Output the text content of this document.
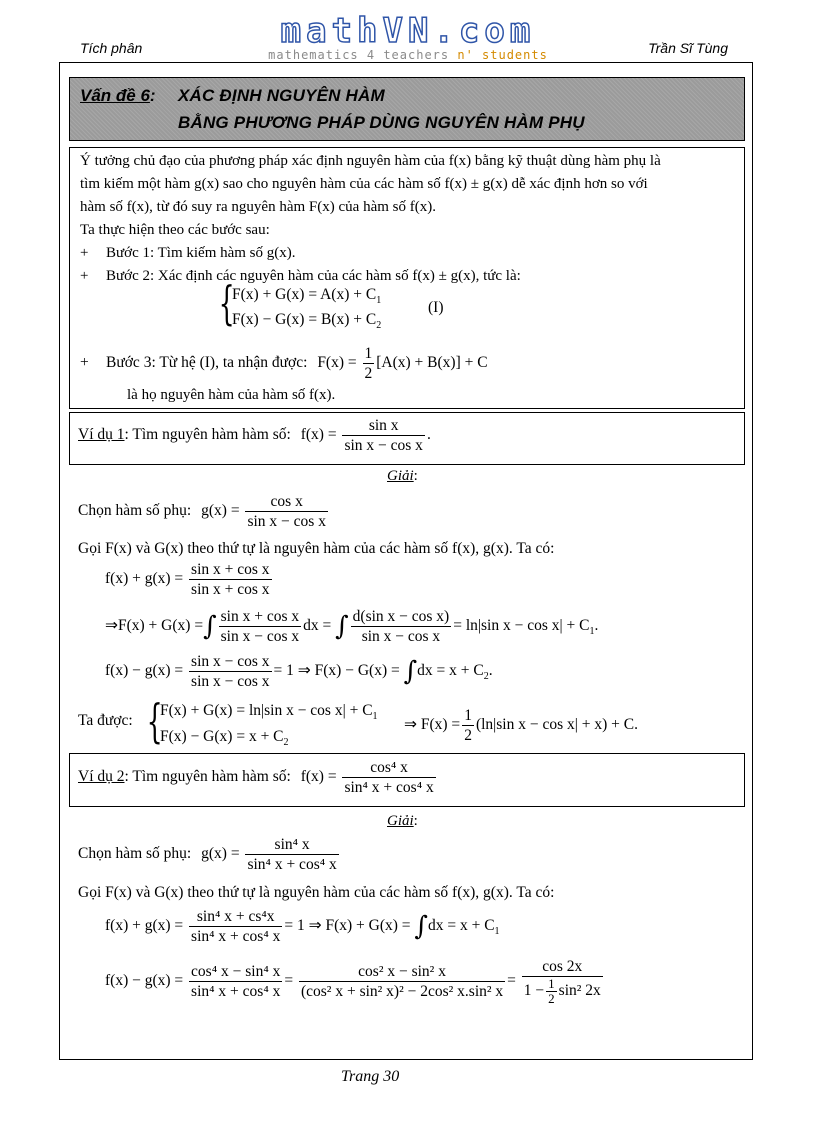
Tích phân	mathVN.com
mathematics 4 teachers n' students	Trần Sĩ Tùng
Vấn đề 6: XÁC ĐỊNH NGUYÊN HÀM
BẰNG PHƯƠNG PHÁP DÙNG NGUYÊN HÀM PHỤ
Ý tưởng chủ đạo của phương pháp xác định nguyên hàm của f(x) bằng kỹ thuật dùng hàm phụ là
tìm kiếm một hàm g(x) sao cho nguyên hàm của các hàm số f(x) ± g(x) dễ xác định hơn so với
hàm số f(x), từ đó suy ra nguyên hàm F(x) của hàm số f(x).
Ta thực hiện theo các bước sau:
+ Bước 1: Tìm kiếm hàm số g(x).
+ Bước 2: Xác định các nguyên hàm của các hàm số f(x) ± g(x), tức là:
{
$F(x) + G(x) = A(x) + C_1$
$F(x) - G(x) = B(x) + C_2$
(I)
+ Bước 3: Từ hệ (I), ta nhận được: $F(x) = \frac{1}{2} [A(x) + B(x)] + C$
là họ nguyên hàm của hàm số f(x).
Ví dụ 1: Tìm nguyên hàm hàm số: $f(x) = \frac{\text{sin x}}{\text{sin x − cos x}}$ .
Giải:
Chọn hàm số phụ: $g(x) = \frac{\text{cos x}}{\text{sin x − cos x}}$
Gọi F(x) và G(x) theo thứ tự là nguyên hàm của các hàm số f(x), g(x). Ta có:
$f(x) + g(x) = \frac{\text{sin x + cos x}}{\text{sin x + cos x}}$
⇒F(x) + G(x) =∫ $\frac{\text{sin x + cos x}}{\text{sin x − cos x}}$ dx = ∫ $\frac{\text{d(sin x − cos x)}}{\text{sin x − cos x}} = \ln|\sin$ $x - \cos x| + C_1$.
$f(x) - g(x) = \frac{\text{sin x − cos x}}{\text{sin x − cos x}} = 1$ ⇒ $F(x) - G(x) = \int dx = x + C_2$.
Ta được: {
F(x) + G(x) = ln|sin $x - \cos x| + C_1$
$F(x) - G(x) = x + C_2$
⇒ $F(x) = \frac{1}{2} (\ln|\sin$ x − cos x| + x) + C.
Ví dụ 2: Tìm nguyên hàm hàm số: $f(x) = \frac{\text{cos⁴ x}}{\text{sin⁴ x + cos⁴ x}}$
Giải:
Chọn hàm số phụ: $g(x) = \frac{\text{sin⁴ x}}{\text{sin⁴ x + cos⁴ x}}$
Gọi F(x) và G(x) theo thứ tự là nguyên hàm của các hàm số f(x), g(x). Ta có:
$f(x) + g(x) = \frac{\text{sin⁴ x + cs⁴x}}{\text{sin⁴ x + cos⁴ x}} = 1$ ⇒ $F(x) + G(x) = \int dx = x + C_1$
$f(x) - g(x) = \frac{\text{cos⁴ x − sin⁴ x}}{\text{sin⁴ x + cos⁴ x}} = \frac{\text{cos² x − sin² x}}{\text{(cos² x + sin² x)² − 2cos² x.sin² x}} = \frac{\cos 2x}{1 - \frac{1}{2} \sin^2 2x}$
Trang 30
